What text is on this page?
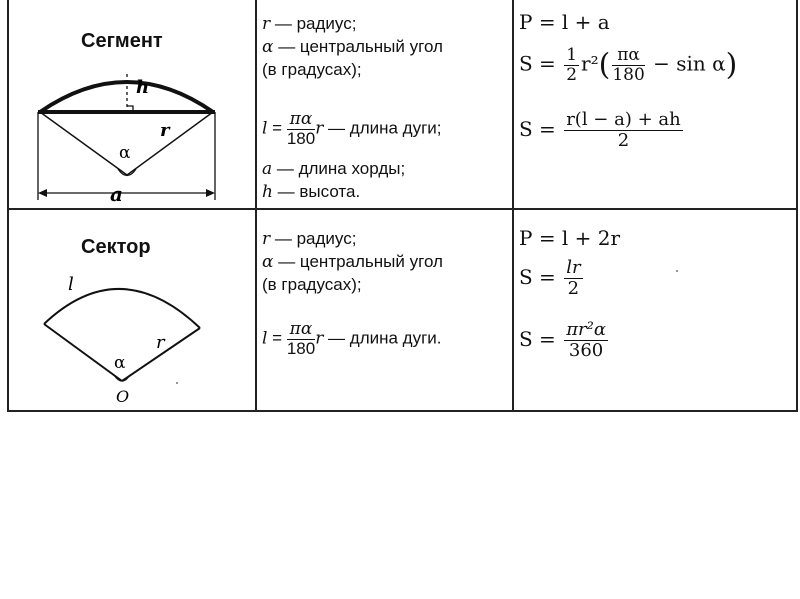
Сегмент
h
r
α
a
r — радиус;
α — центральный угол
(в градусах);
$l = \frac{\pi\alpha}{180}$ r — длина дуги;
a — длина хорды;
h — высота.
P = l + a
$S = \frac{1}{2} r^2( \frac{\pi\alpha}{180} - \sin \alpha)$
$S = \frac{r(l - a) + ah}{2}$
Сектор
l
r
α
O
r — радиус;
α — центральный угол
(в градусах);
$l = \frac{\pi\alpha}{180}$ r — длина дуги.
P = l + 2r
$S = \frac{lr}{2}$
$S = \frac{\text{πr²α}}{360}$
